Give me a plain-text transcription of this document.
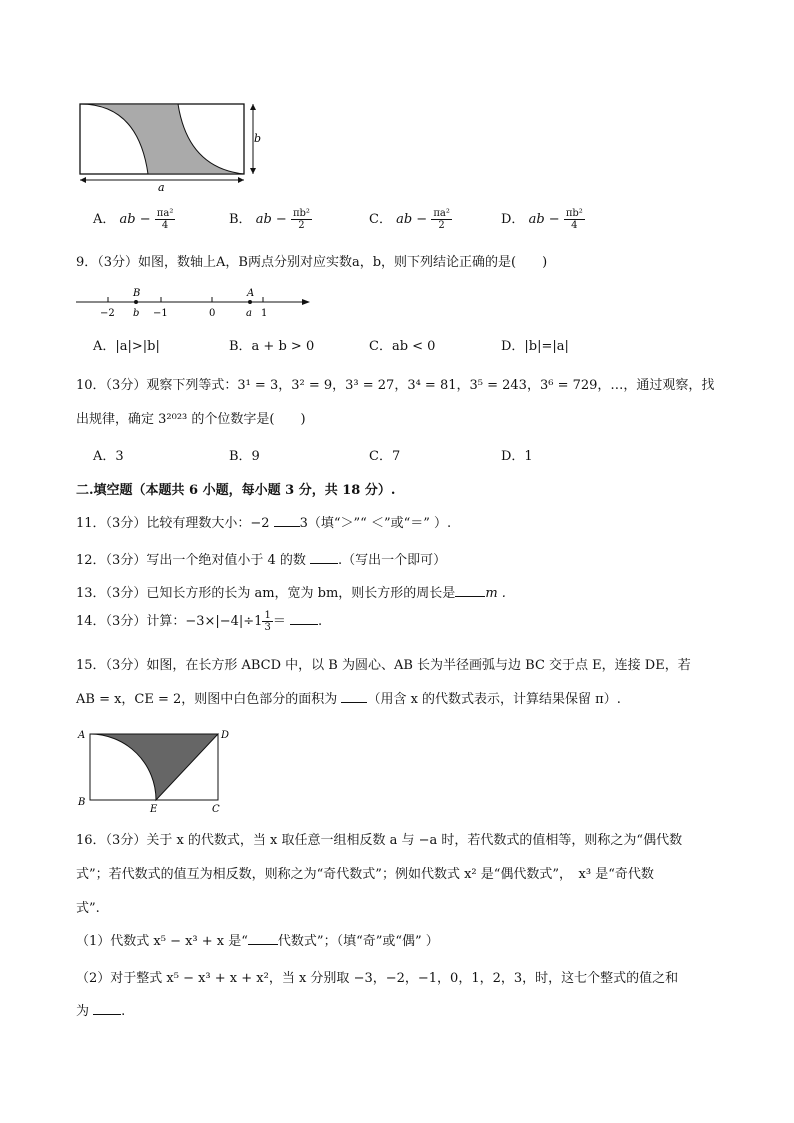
b
a
A． ab − $\frac{\text{πa²}}{4}$	B． ab − $\frac{\text{πb²}}{2}$	C． ab − $\frac{\text{πa²}}{2}$	D． ab − $\frac{\text{πb²}}{4}$
9．（3分）如图，数轴上A，B两点分别对应实数a，b，则下列结论正确的是(　　)
−2	−1	0	1
B
b
A
a
A．|a|>|b|	B．a + b > 0	C．ab < 0	D．|b|=|a|
10．（3分）观察下列等式：3¹ = 3，3² = 9，3³ = 27，3⁴ = 81，3⁵ = 243，3⁶ = 729，…，通过观察，找
出规律，确定 3²⁰²³ 的个位数字是(　　)
A．3	B．9	C．7	D．1
二.填空题（本题共 6 小题，每小题 3 分，共 18 分）.
11．（3分）比较有理数大小：−2 3（填“＞”“ ＜”或“＝” ）.
12．（3分）写出一个绝对值小于 4 的数 .（写出一个即可）
13．（3分）已知长方形的长为 am，宽为 bm，则长方形的周长是 m .
14．（3分）计算：$-3\times|-4|\div 1 \frac{1}{3}$ ＝ .
15．（3分）如图，在长方形 ABCD 中，以 B 为圆心、AB 长为半径画弧与边 BC 交于点 E，连接 DE，若
AB = x，CE = 2，则图中白色部分的面积为 （用含 x 的代数式表示，计算结果保留 π）.
A	D
B
E	C
16．（3分）关于 x 的代数式，当 x 取任意一组相反数 a 与 −a 时，若代数式的值相等，则称之为“偶代数
式”；若代数式的值互为相反数，则称之为“奇代数式”；例如代数式 x² 是“偶代数式”，　x³ 是“奇代数
式”.
（1）代数式 x⁵ − x³ + x 是“ 代数式”；（填“奇”或“偶” ）
（2）对于整式 x⁵ − x³ + x + x²，当 x 分别取 −3，−2，−1，0，1，2，3，时，这七个整式的值之和
为 .
